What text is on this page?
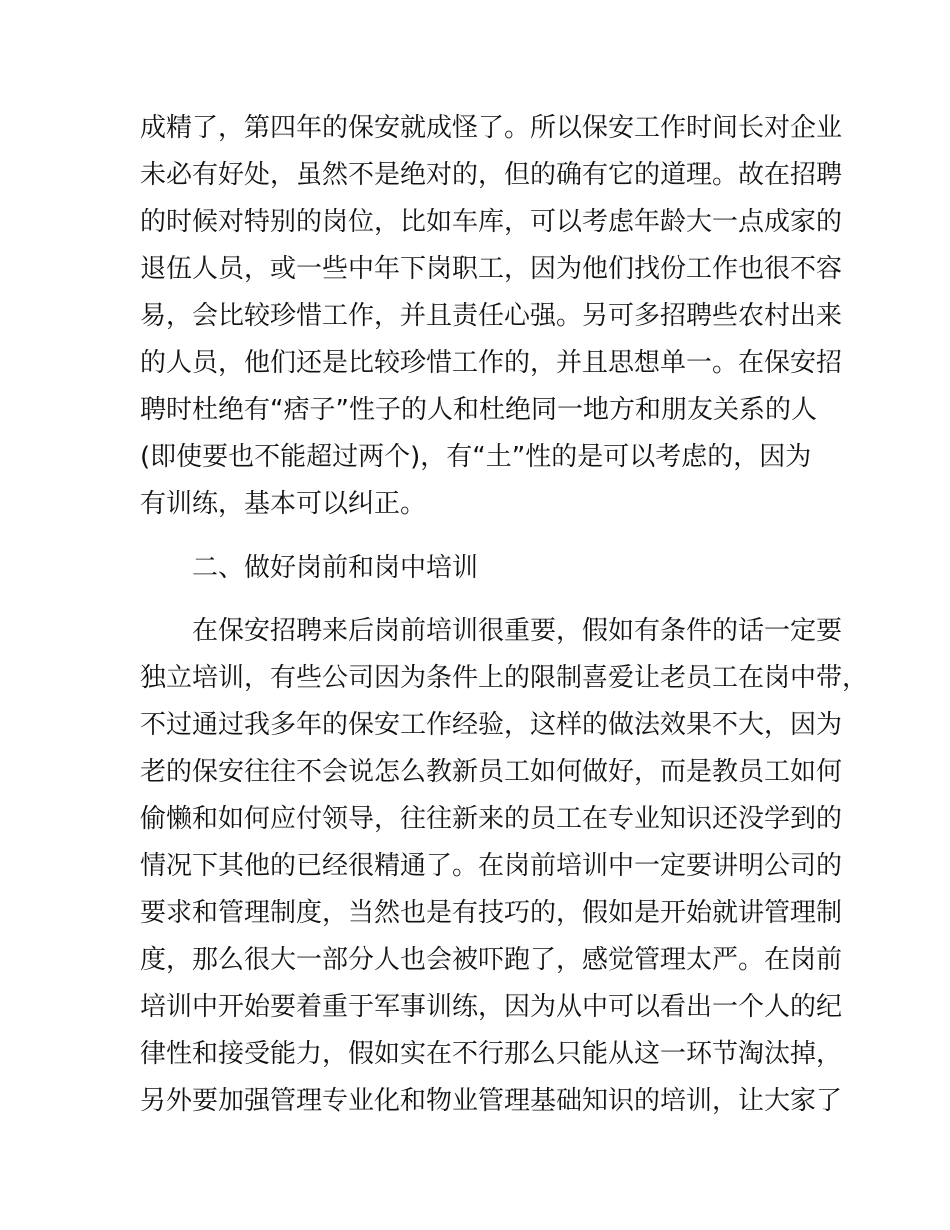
成精了，第四年的保安就成怪了。所以保安工作时间长对企业

未必有好处，虽然不是绝对的，但的确有它的道理。故在招聘

的时候对特别的岗位，比如车库，可以考虑年龄大一点成家的

退伍人员，或一些中年下岗职工，因为他们找份工作也很不容

易，会比较珍惜工作，并且责任心强。另可多招聘些农村出来

的人员，他们还是比较珍惜工作的，并且思想单一。在保安招

聘时杜绝有“痞子”性子的人和杜绝同一地方和朋友关系的人

(即使要也不能超过两个)，有“土”性的是可以考虑的，因为

有训练，基本可以纠正。

二、做好岗前和岗中培训

在保安招聘来后岗前培训很重要，假如有条件的话一定要

独立培训，有些公司因为条件上的限制喜爱让老员工在岗中带，

不过通过我多年的保安工作经验，这样的做法效果不大，因为

老的保安往往不会说怎么教新员工如何做好，而是教员工如何

偷懒和如何应付领导，往往新来的员工在专业知识还没学到的

情况下其他的已经很精通了。在岗前培训中一定要讲明公司的

要求和管理制度，当然也是有技巧的，假如是开始就讲管理制

度，那么很大一部分人也会被吓跑了，感觉管理太严。在岗前

培训中开始要着重于军事训练，因为从中可以看出一个人的纪

律性和接受能力，假如实在不行那么只能从这一环节淘汰掉，

另外要加强管理专业化和物业管理基础知识的培训，让大家了
